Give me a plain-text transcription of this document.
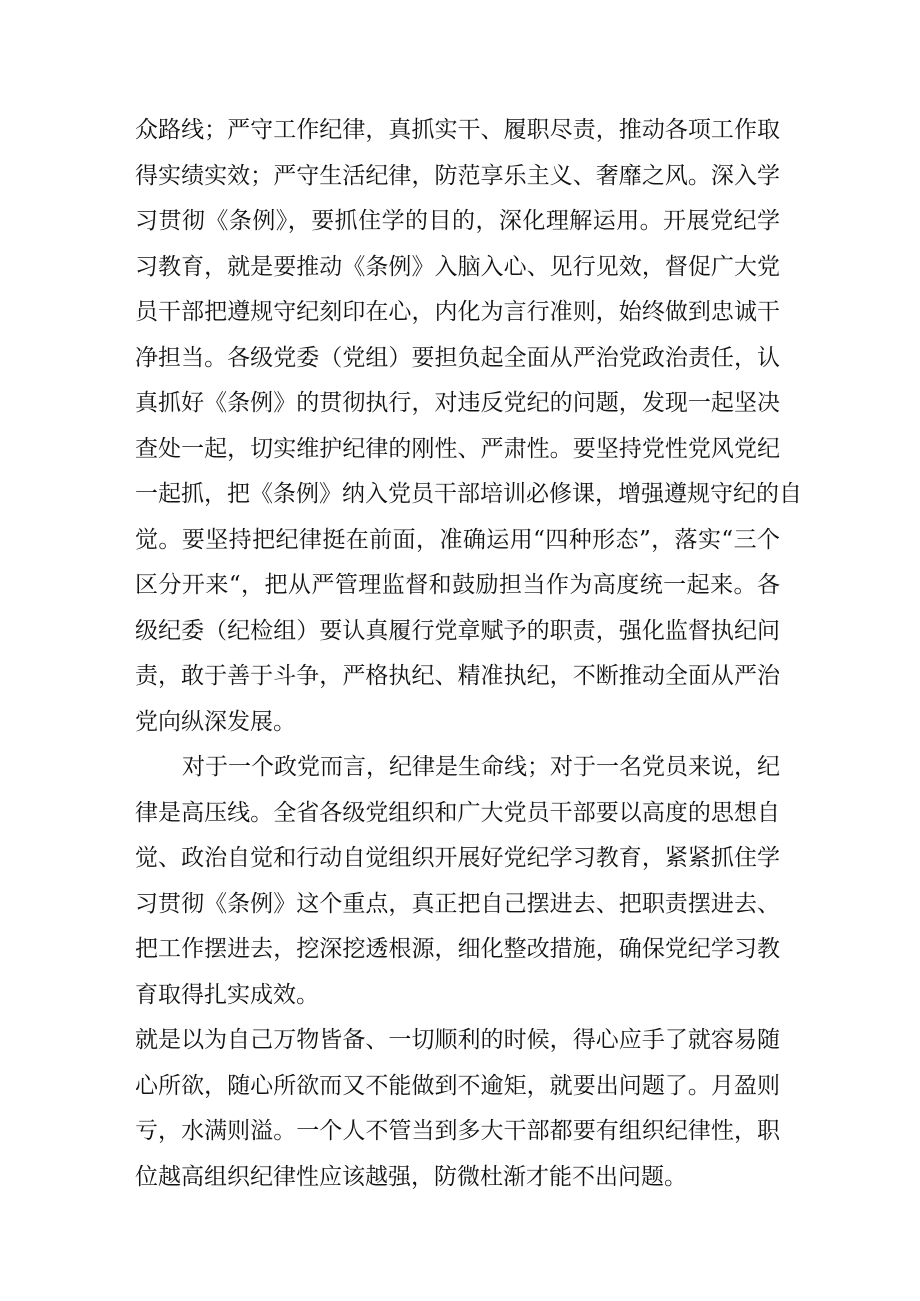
众路线；严守工作纪律，真抓实干、履职尽责，推动各项工作取
得实绩实效；严守生活纪律，防范享乐主义、奢靡之风。深入学
习贯彻《条例》，要抓住学的目的，深化理解运用。开展党纪学
习教育，就是要推动《条例》入脑入心、见行见效，督促广大党
员干部把遵规守纪刻印在心，内化为言行准则，始终做到忠诚干
净担当。各级党委（党组）要担负起全面从严治党政治责任，认
真抓好《条例》的贯彻执行，对违反党纪的问题，发现一起坚决
查处一起，切实维护纪律的刚性、严肃性。要坚持党性党风党纪
一起抓，把《条例》纳入党员干部培训必修课，增强遵规守纪的自
觉。要坚持把纪律挺在前面，准确运用“四种形态”，落实“三个
区分开来“，把从严管理监督和鼓励担当作为高度统一起来。各
级纪委（纪检组）要认真履行党章赋予的职责，强化监督执纪问
责，敢于善于斗争，严格执纪、精准执纪，不断推动全面从严治
党向纵深发展。
对于一个政党而言，纪律是生命线；对于一名党员来说，纪
律是高压线。全省各级党组织和广大党员干部要以高度的思想自
觉、政治自觉和行动自觉组织开展好党纪学习教育，紧紧抓住学
习贯彻《条例》这个重点，真正把自己摆进去、把职责摆进去、
把工作摆进去，挖深挖透根源，细化整改措施，确保党纪学习教
育取得扎实成效。
就是以为自己万物皆备、一切顺利的时候，得心应手了就容易随
心所欲，随心所欲而又不能做到不逾矩，就要出问题了。月盈则
亏，水满则溢。一个人不管当到多大干部都要有组织纪律性，职
位越高组织纪律性应该越强，防微杜渐才能不出问题。
